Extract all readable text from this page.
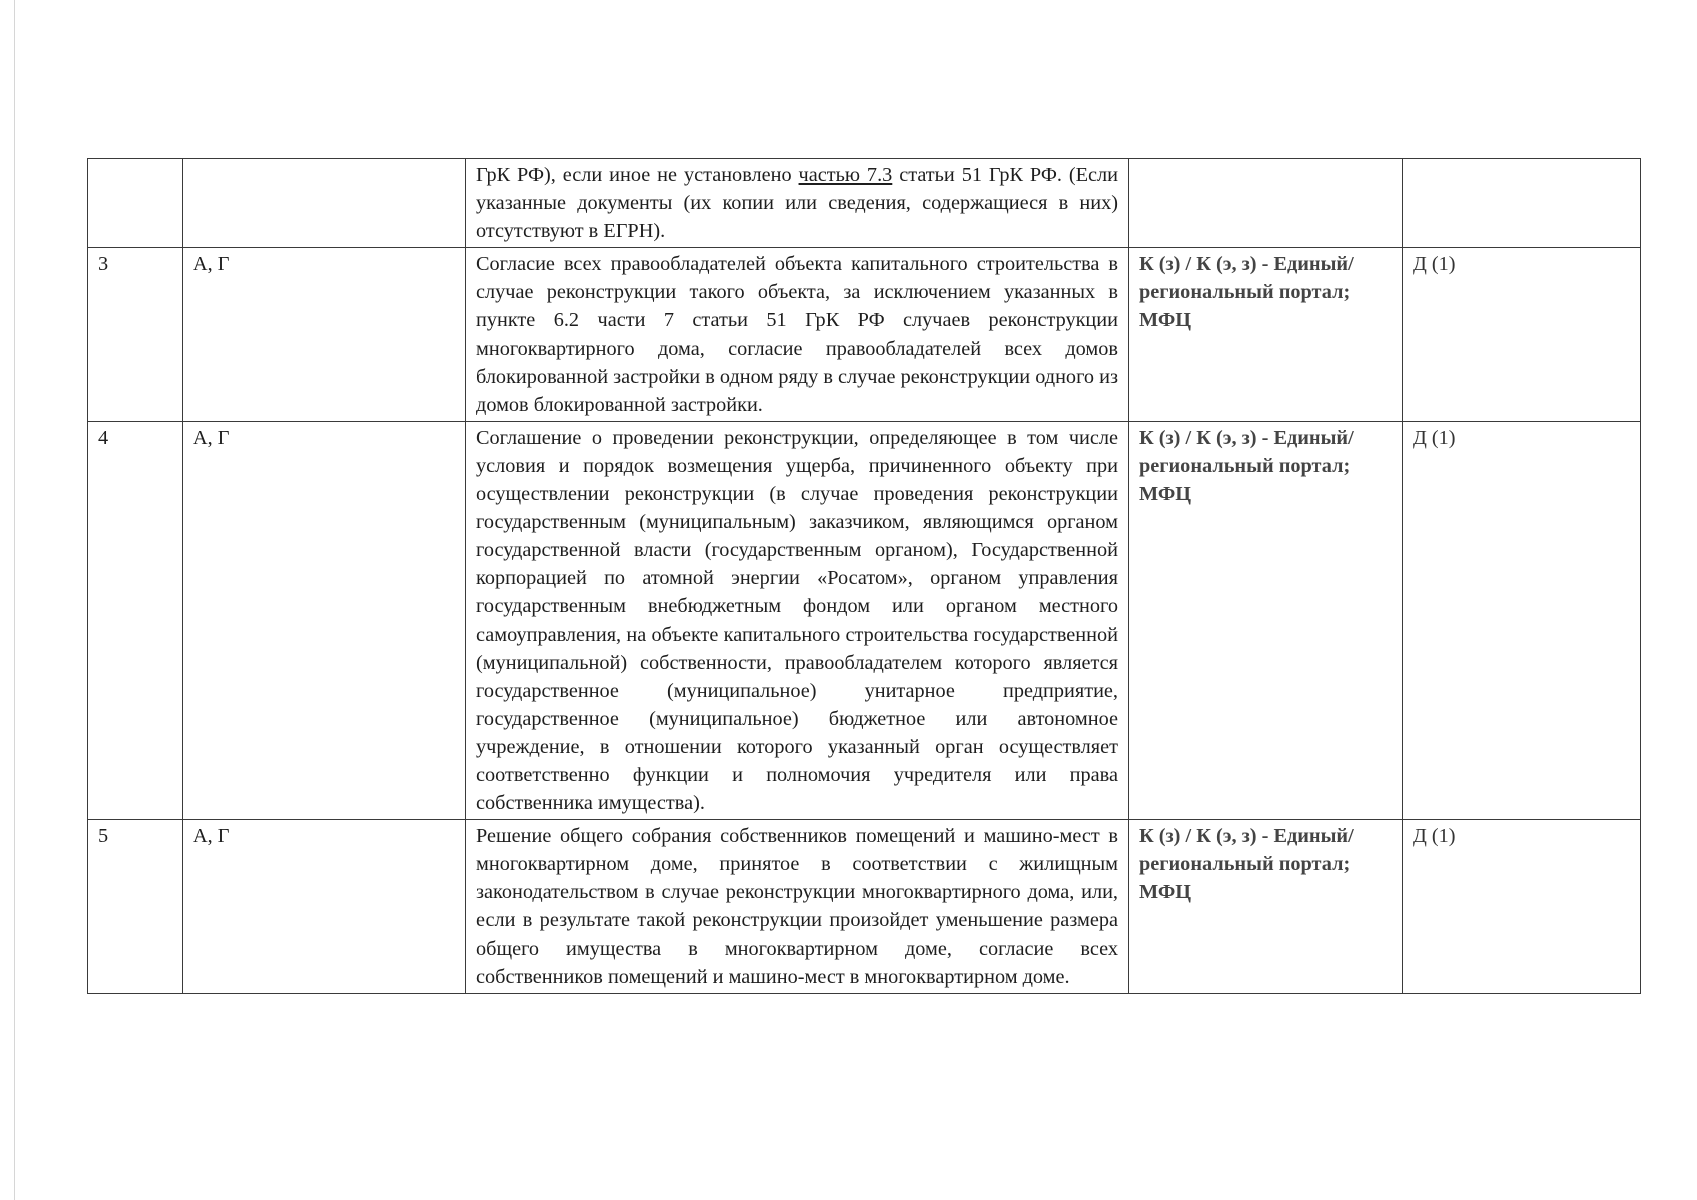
		ГрК РФ), если иное не установлено частью 7.3 статьи 51 ГрК РФ. (Если указанные документы (их копии или сведения, содержащиеся в них) отсутствуют в ЕГРН).		
3	А, Г	Согласие всех правообладателей объекта капитального строительства в случае реконструкции такого объекта, за исключением указанных в пункте 6.2 части 7 статьи 51 ГрК РФ случаев реконструкции многоквартирного дома, согласие правообладателей всех домов блокированной застройки в одном ряду в случае реконструкции одного из домов блокированной застройки.	К (з) / К (э, з) - Единый/региональный портал; МФЦ	Д (1)
4	А, Г	Соглашение о проведении реконструкции, определяющее в том числе условия и порядок возмещения ущерба, причиненного объекту при осуществлении реконструкции (в случае проведения реконструкции государственным (муниципальным) заказчиком, являющимся органом государственной власти (государственным органом), Государственной корпорацией по атомной энергии «Росатом», органом управления государственным внебюджетным фондом или органом местного самоуправления, на объекте капитального строительства государственной (муниципальной) собственности, правообладателем которого является государственное (муниципальное) унитарное предприятие, государственное (муниципальное) бюджетное или автономное учреждение, в отношении которого указанный орган осуществляет соответственно функции и полномочия учредителя или права собственника имущества).	К (з) / К (э, з) - Единый/региональный портал; МФЦ	Д (1)
5	А, Г	Решение общего собрания собственников помещений и машино-мест в многоквартирном доме, принятое в соответствии с жилищным законодательством в случае реконструкции многоквартирного дома, или, если в результате такой реконструкции произойдет уменьшение размера общего имущества в многоквартирном доме, согласие всех собственников помещений и машино-мест в многоквартирном доме.	К (з) / К (э, з) - Единый/региональный портал; МФЦ	Д (1)
